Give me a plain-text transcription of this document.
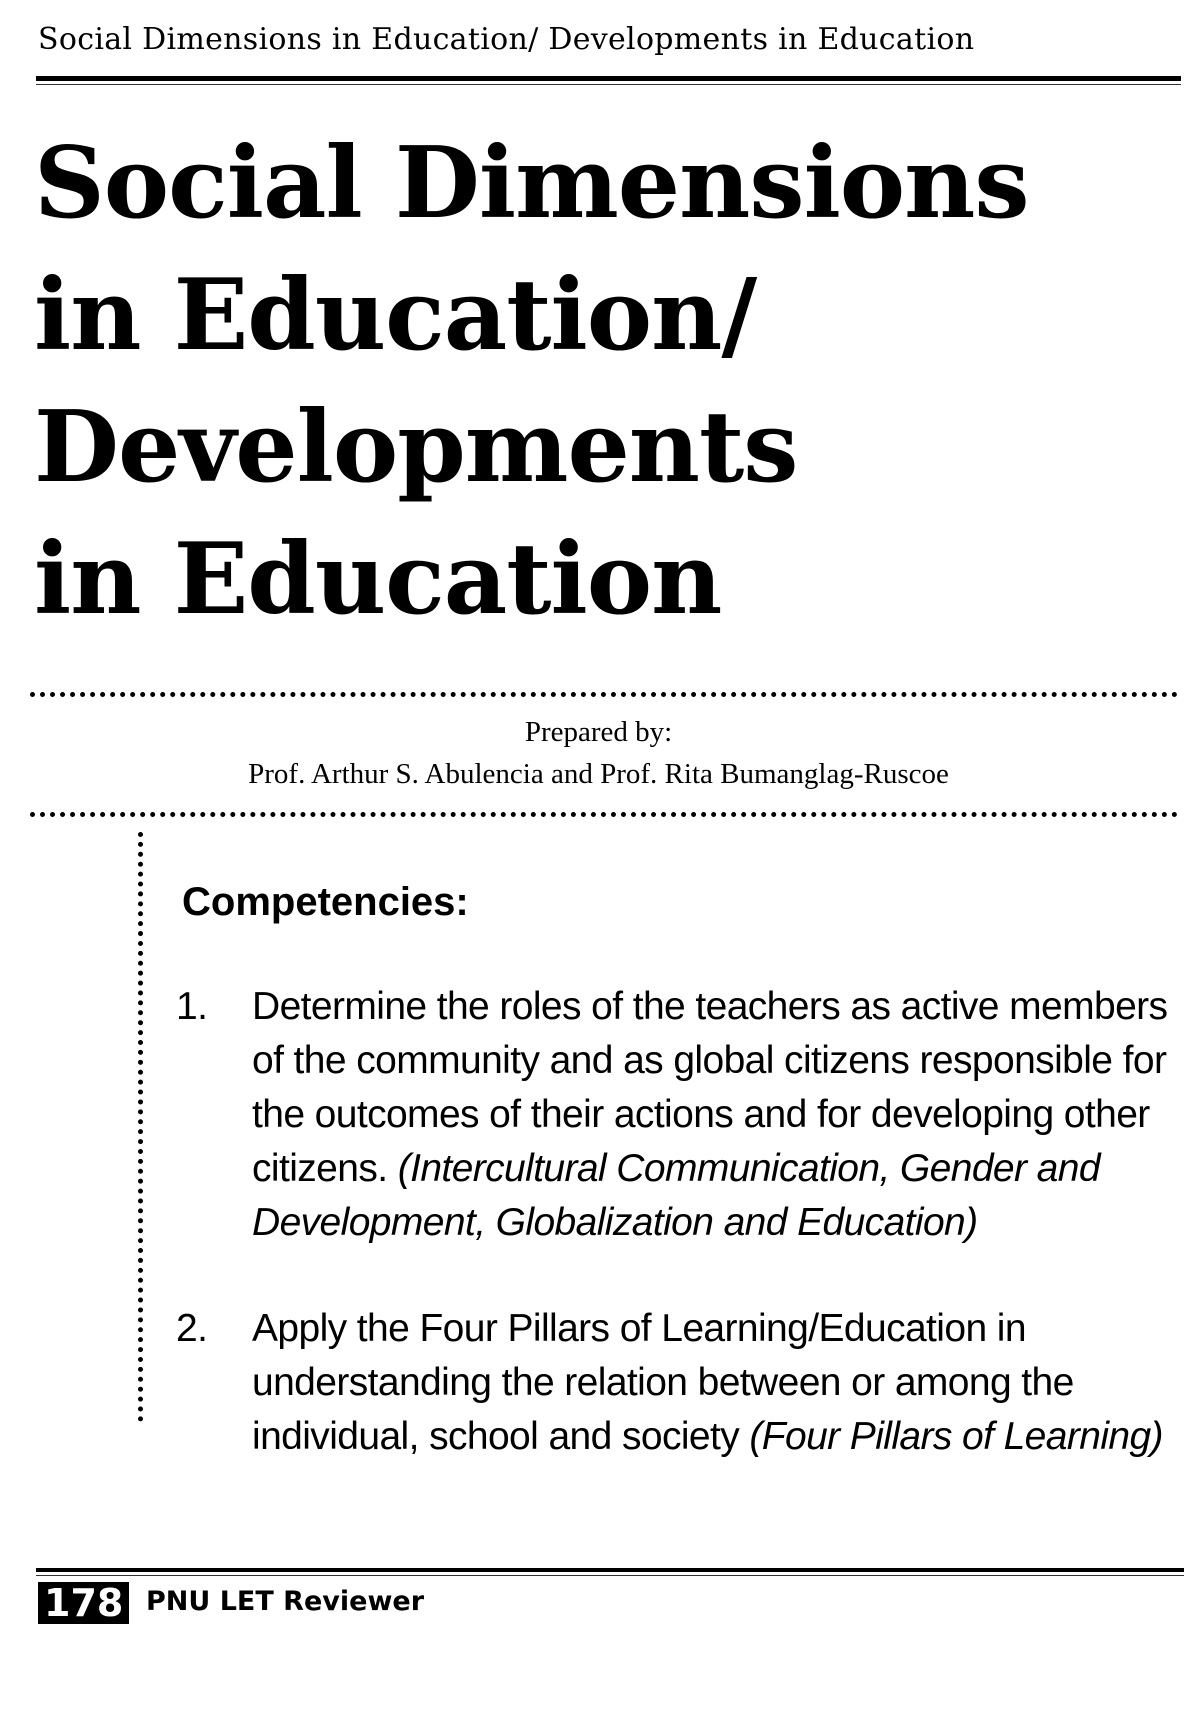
Social Dimensions in Education/ Developments in Education
Social Dimensions
in Education/
Developments
in Education
Prepared by:
Prof. Arthur S. Abulencia and Prof. Rita Bumanglag-Ruscoe
Competencies:
1. Determine the roles of the teachers as active members of the community and as global citizens responsible for the outcomes of their actions and for developing other citizens. (Intercultural Communication, Gender and Development, Globalization and Education)
2. Apply the Four Pillars of Learning/Education in understanding the relation between or among the individual, school and society (Four Pillars of Learning)
178 PNU LET Reviewer
